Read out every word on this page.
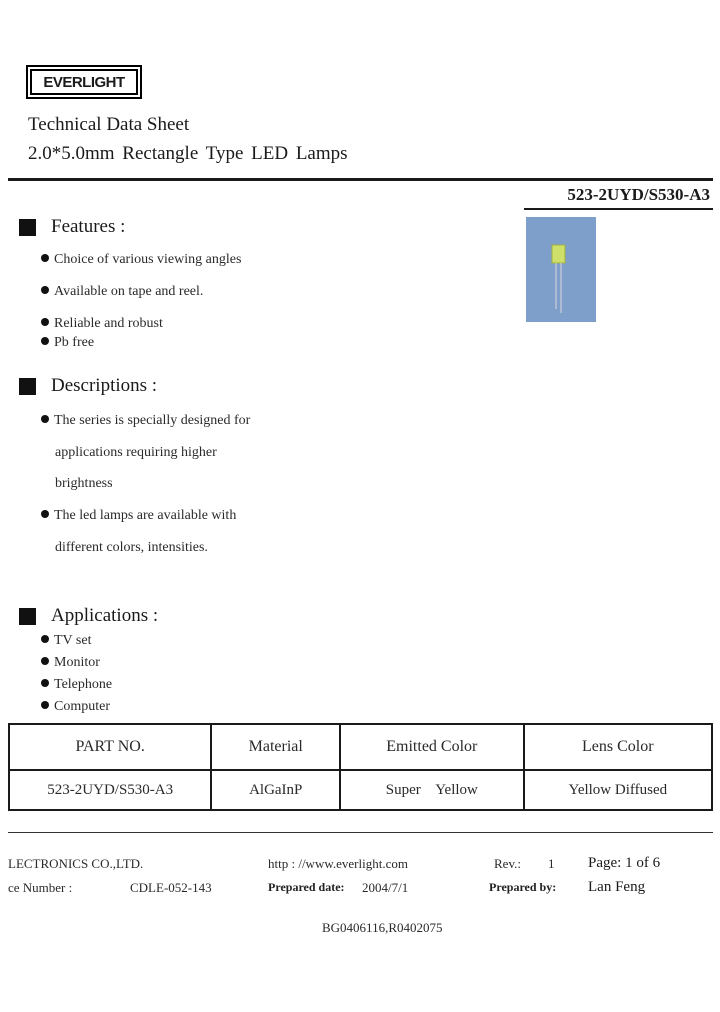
EVERLIGHT
Technical Data Sheet
2.0*5.0mm Rectangle Type LED Lamps
523-2UYD/S530-A3
Features :
Choice of various viewing angles
Available on tape and reel.
Reliable and robust
Pb free
Descriptions :
The series is specially designed for
applications requiring higher
brightness
The led lamps are available with
different colors, intensities.
Applications :
TV set
Monitor
Telephone
Computer
PART NO.	Material	Emitted Color	Lens Color
523-2UYD/S530-A3	AlGaInP	Super    Yellow	Yellow Diffused
LECTRONICS CO.,LTD.	http : //www.everlight.com	Rev.: 1 Page: 1 of 6
ce Number :	CDLE-052-143	Prepared date: 2004/7/1	Prepared by: Lan Feng
BG0406116,R0402075
